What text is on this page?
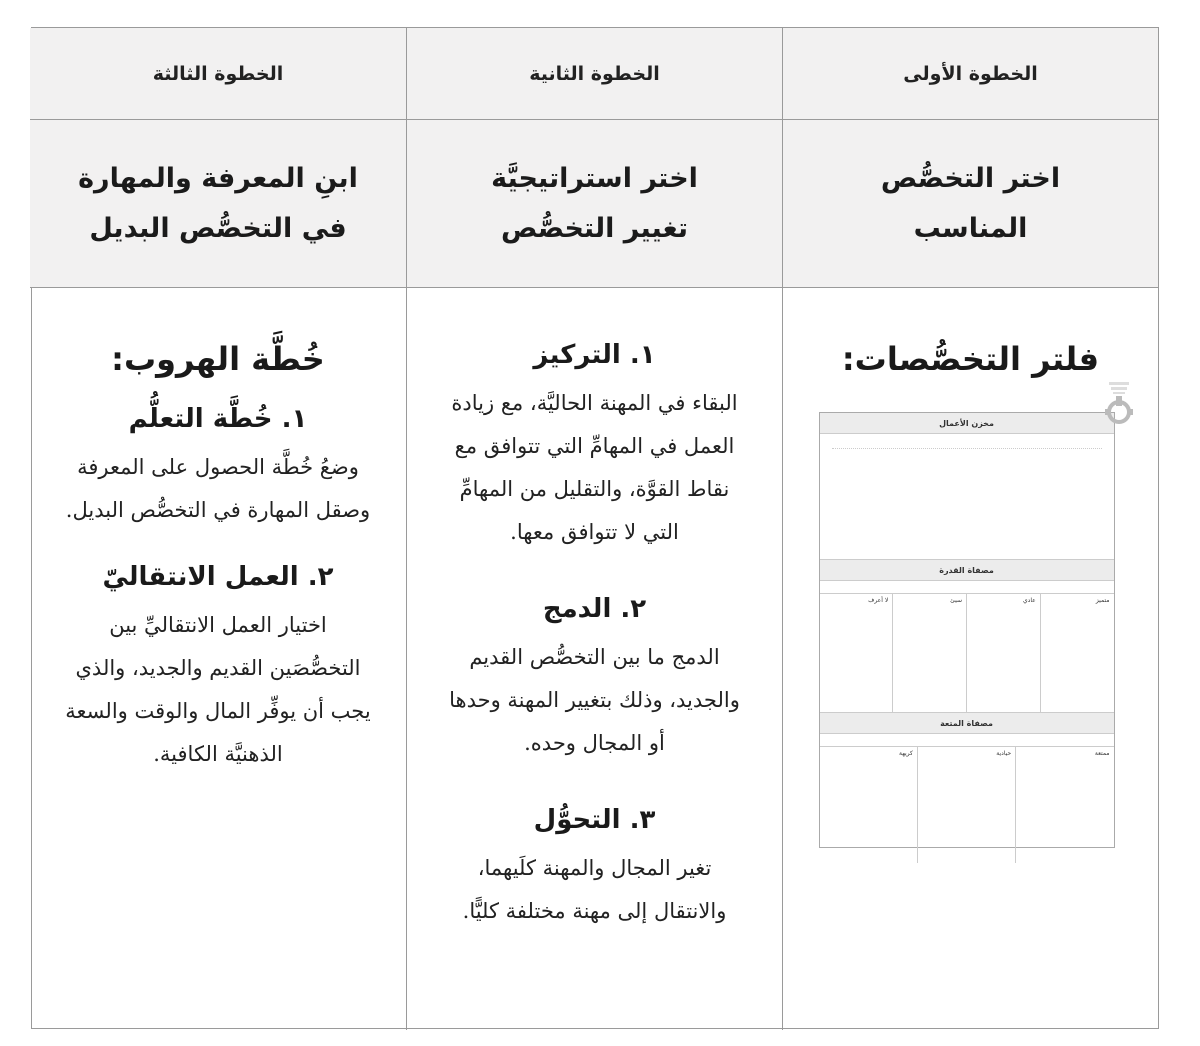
الخطوة الأولى
الخطوة الثانية
الخطوة الثالثة
اختر التخصُّص
المناسب
اختر استراتيجيَّة
تغيير التخصُّص
ابنِ المعرفة والمهارة
في التخصُّص البديل
فلتر التخصُّصات:
مخزن الأعمال
مصفاة القدرة
متميز
عادي
سيئ
لا أعرف
مصفاة المتعة
ممتعة
حيادية
كريهة
١. التركيز
البقاء في المهنة الحاليَّة، مع زيادة العمل في المهامِّ التي تتوافق مع نقاط القوَّة، والتقليل من المهامِّ التي لا تتوافق معها.
٢. الدمج
الدمج ما بين التخصُّص القديم والجديد، وذلك بتغيير المهنة وحدها أو المجال وحده.
٣. التحوُّل
تغير المجال والمهنة كلَيهما، والانتقال إلى مهنة مختلفة كليًّا.
خُطَّة الهروب:
١. خُطَّة التعلُّم
وضعُ خُطَّة الحصول على المعرفة وصقل المهارة في التخصُّص البديل.
٢. العمل الانتقاليّ
اختيار العمل الانتقاليِّ بين التخصُّصَين القديم والجديد، والذي يجب أن يوفِّر المال والوقت والسعة الذهنيَّة الكافية.
